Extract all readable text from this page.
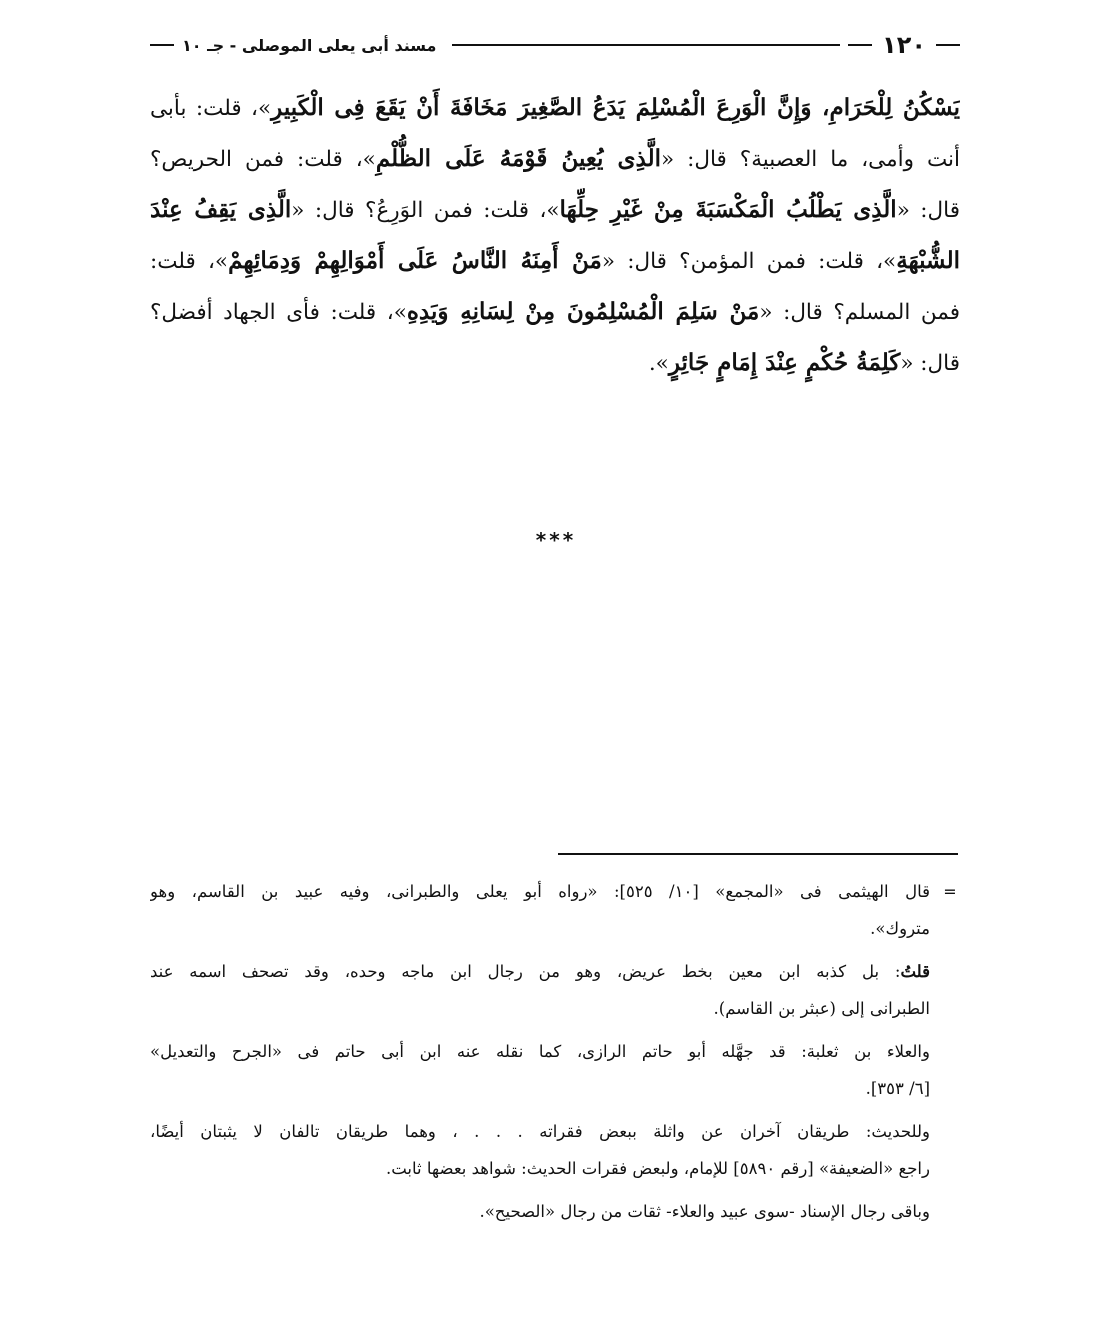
١٢٠
مسند أبى يعلى الموصلى - جـ ١٠
يَسْكُنُ لِلْحَرَامِ، وَإِنَّ الْوَرِعَ الْمُسْلِمَ يَدَعُ الصَّغِيرَ مَخَافَةَ أَنْ يَقَعَ فِى الْكَبِيرِ»، قلت: بأبى
أنت وأمى، ما العصبية؟ قال: «الَّذِى يُعِينُ قَوْمَهُ عَلَى الظُّلْمِ»، قلت: فمن الحريص؟
قال: «الَّذِى يَطْلُبُ الْمَكْسَبَةَ مِنْ غَيْرِ حِلِّهَا»، قلت: فمن الوَرِعُ؟ قال: «الَّذِى يَقِفُ عِنْدَ
الشُّبْهَةِ»، قلت: فمن المؤمن؟ قال: «مَنْ أَمِنَهُ النَّاسُ عَلَى أَمْوَالِهِمْ وَدِمَائِهِمْ»، قلت:
فمن المسلم؟ قال: «مَنْ سَلِمَ الْمُسْلِمُونَ مِنْ لِسَانِهِ وَيَدِهِ»، قلت: فأى الجهاد أفضل؟
قال: «كَلِمَةُ حُكْمٍ عِنْدَ إِمَامٍ جَائِرٍ».
***
=
قال الهيثمى فى «المجمع» [١٠/ ٥٢٥]: «رواه أبو يعلى والطبرانى، وفيه عبيد بن القاسم، وهو
متروك».
قلتُ: بل كذبه ابن معين بخط عريض، وهو من رجال ابن ماجه وحده، وقد تصحف اسمه عند
الطبرانى إلى (عبثر بن القاسم).
والعلاء بن ثعلبة: قد جهَّله أبو حاتم الرازى، كما نقله عنه ابن أبى حاتم فى «الجرح والتعديل»
[٦/ ٣٥٣].
وللحديث: طريقان آخران عن واثلة ببعض فقراته . . . ، وهما طريقان تالفان لا يثبتان أيضًا،
راجع «الضعيفة» [رقم ٥٨٩٠] للإمام، ولبعض فقرات الحديث: شواهد بعضها ثابت.
وباقى رجال الإسناد -سوى عبيد والعلاء- ثقات من رجال «الصحيح».
